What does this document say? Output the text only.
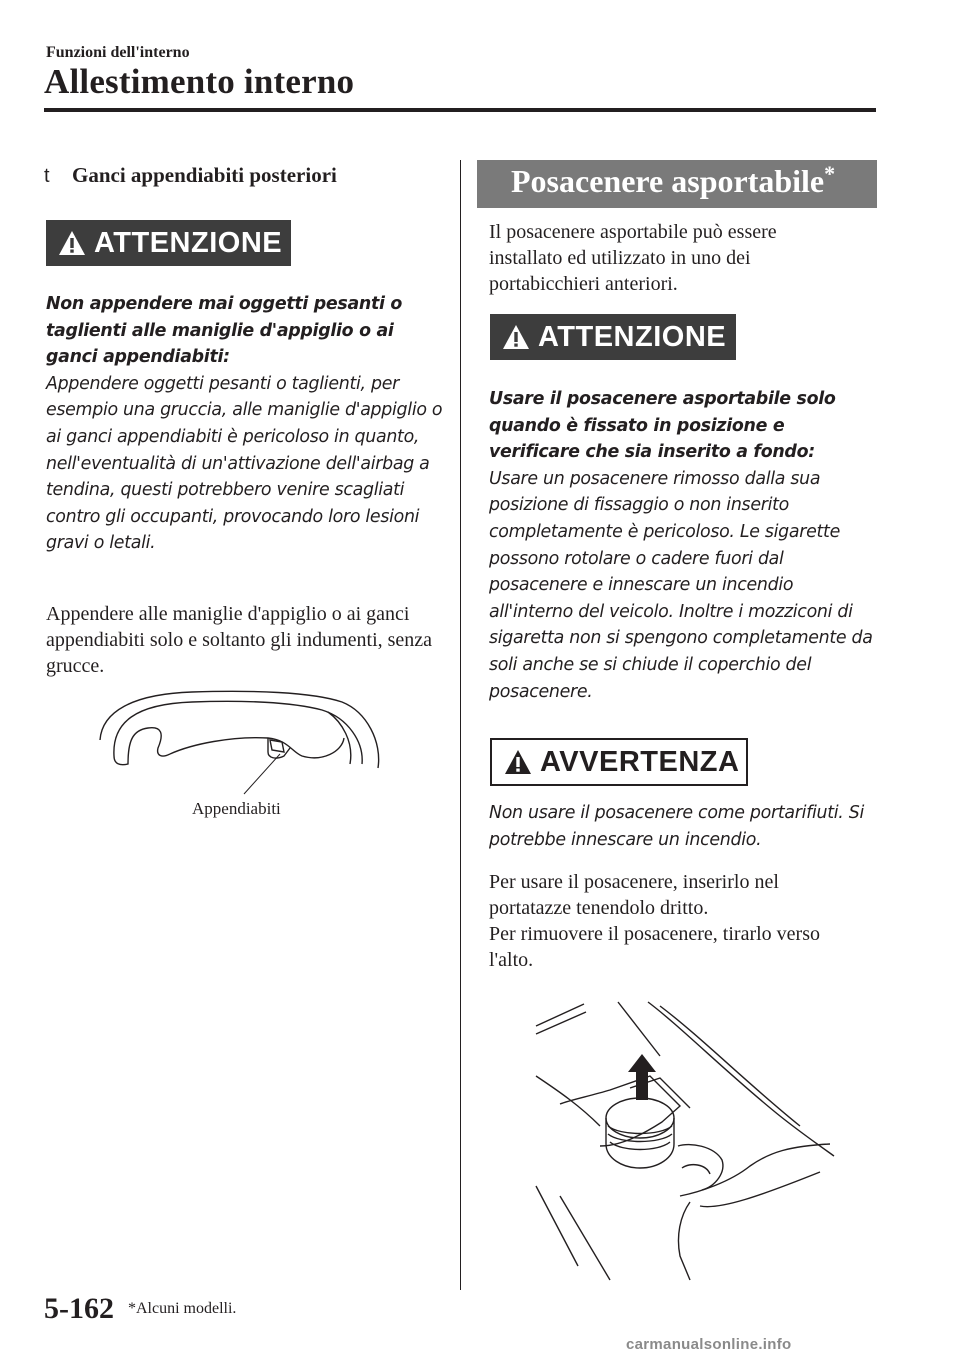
Funzioni dell'interno
Allestimento interno
t Ganci appendiabiti posteriori
ATTENZIONE

Non appendere mai oggetti pesanti o taglienti alle maniglie d'appiglio o ai ganci appendiabiti:

Appendere oggetti pesanti o taglienti, per esempio una gruccia, alle maniglie d'appiglio o ai ganci appendiabiti è pericoloso in quanto, nell'eventualità di un'attivazione dell'airbag a tendina, questi potrebbero venire scagliati contro gli occupanti, provocando loro lesioni gravi o letali.

Appendere alle maniglie d'appiglio o ai ganci appendiabiti solo e soltanto gli indumenti, senza grucce.

Appendiabiti
Posacenere asportabile*

Il posacenere asportabile può essere installato ed utilizzato in uno dei portabicchieri anteriori.

ATTENZIONE

Usare il posacenere asportabile solo quando è fissato in posizione e verificare che sia inserito a fondo:

Usare un posacenere rimosso dalla sua posizione di fissaggio o non inserito completamente è pericoloso. Le sigarette possono rotolare o cadere fuori dal posacenere e innescare un incendio all'interno del veicolo. Inoltre i mozziconi di sigaretta non si spengono completamente da soli anche se si chiude il coperchio del posacenere.

AVVERTENZA

Non usare il posacenere come portarifiuti. Si potrebbe innescare un incendio.

Per usare il posacenere, inserirlo nel portatazze tenendolo dritto.

Per rimuovere il posacenere, tirarlo verso l'alto.

5-162 *Alcuni modelli.
carmanualsonline.info
